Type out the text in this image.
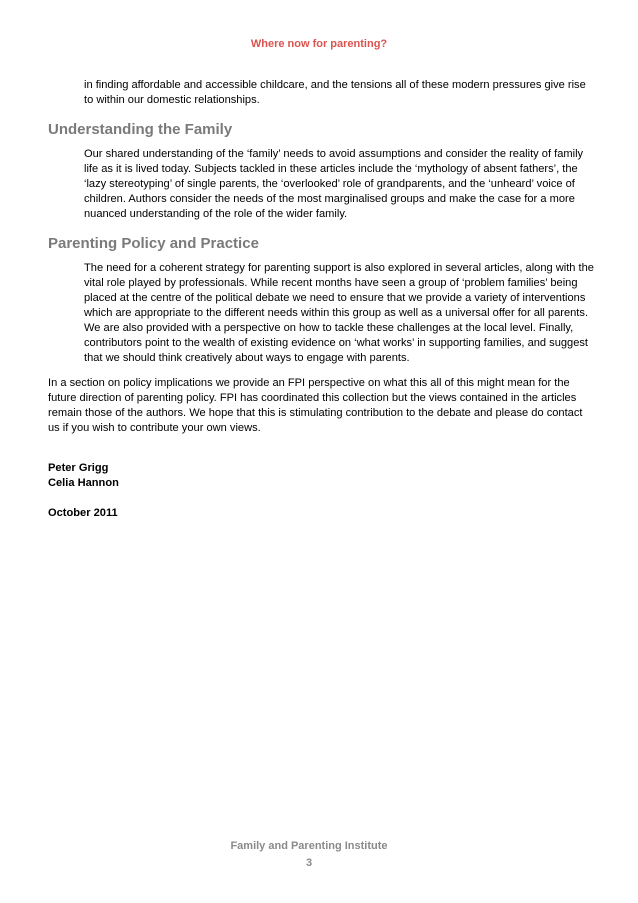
Where now for parenting?
in finding affordable and accessible childcare, and the tensions all of these modern pressures give rise to within our domestic relationships.
Understanding the Family
Our shared understanding of the ‘family’ needs to avoid assumptions and consider the reality of family life as it is lived today. Subjects tackled in these articles include the ‘mythology of absent fathers’, the ‘lazy stereotyping’ of single parents, the ‘overlooked’ role of grandparents, and the ‘unheard’ voice of children. Authors consider the needs of the most marginalised groups and make the case for a more nuanced understanding of the role of the wider family.
Parenting Policy and Practice
The need for a coherent strategy for parenting support is also explored in several articles, along with the vital role played by professionals. While recent months have seen a group of ‘problem families’ being placed at the centre of the political debate we need to ensure that we provide a variety of interventions which are appropriate to the different needs within this group as well as a universal offer for all parents. We are also provided with a perspective on how to tackle these challenges at the local level. Finally, contributors point to the wealth of existing evidence on ‘what works’ in supporting families, and suggest that we should think creatively about ways to engage with parents.
In a section on policy implications we provide an FPI perspective on what this all of this might mean for the future direction of parenting policy. FPI has coordinated this collection but the views contained in the articles remain those of the authors. We hope that this is stimulating contribution to the debate and please do contact us if you wish to contribute your own views.
Peter Grigg
Celia Hannon
October 2011
Family and Parenting Institute
3
